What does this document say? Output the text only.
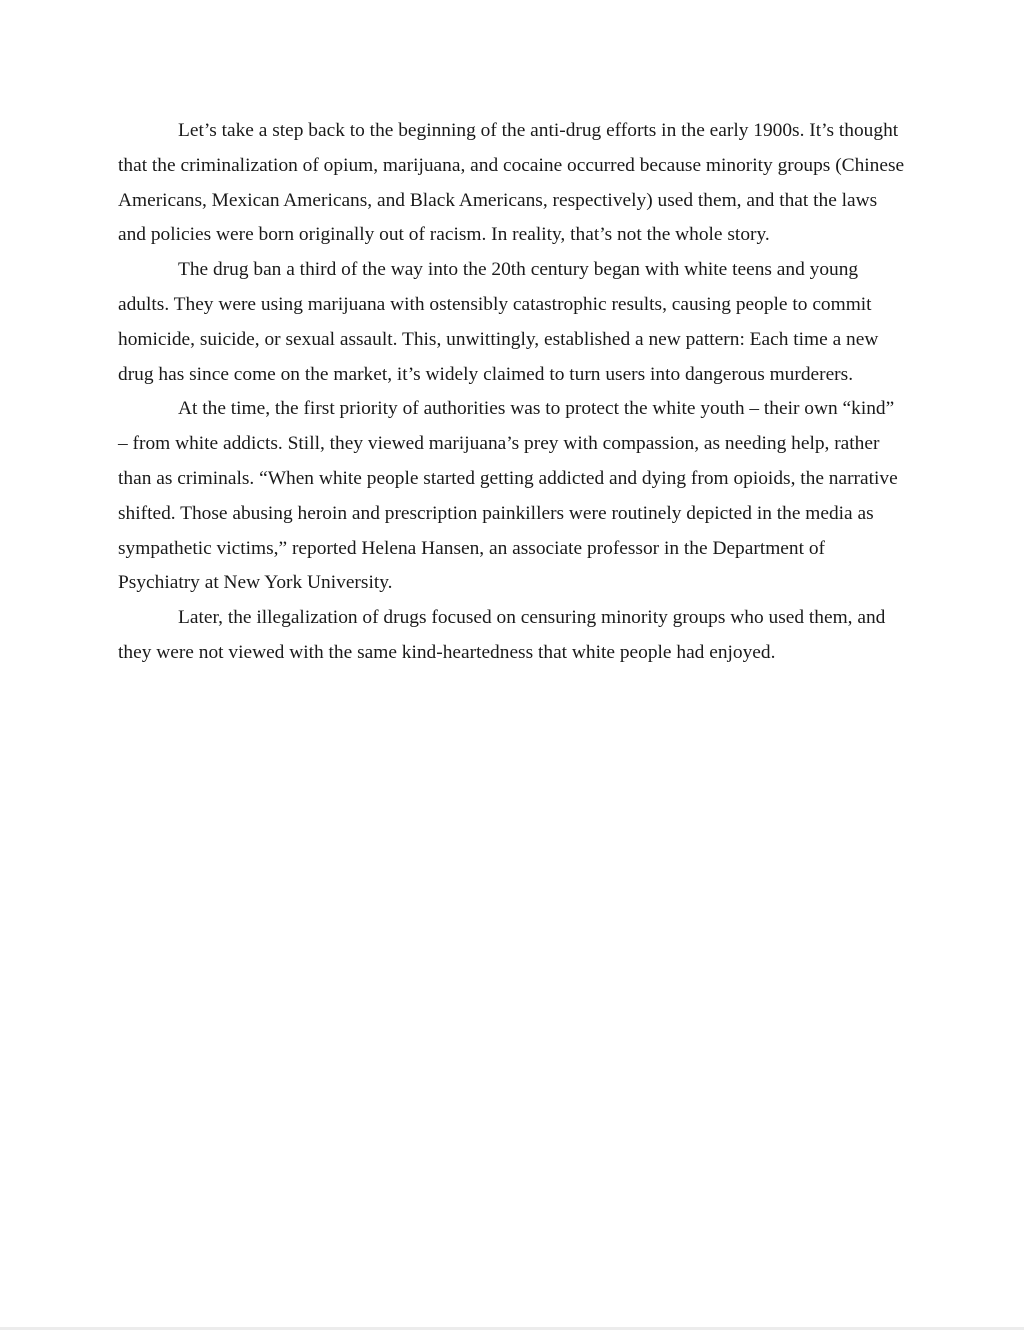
Let’s take a step back to the beginning of the anti-drug efforts in the early 1900s. It’s thought that the criminalization of opium, marijuana, and cocaine occurred because minority groups (Chinese Americans, Mexican Americans, and Black Americans, respectively) used them, and that the laws and policies were born originally out of racism. In reality, that’s not the whole story.

The drug ban a third of the way into the 20th century began with white teens and young adults. They were using marijuana with ostensibly catastrophic results, causing people to commit homicide, suicide, or sexual assault. This, unwittingly, established a new pattern: Each time a new drug has since come on the market, it’s widely claimed to turn users into dangerous murderers.

At the time, the first priority of authorities was to protect the white youth – their own “kind” – from white addicts. Still, they viewed marijuana’s prey with compassion, as needing help, rather than as criminals. “When white people started getting addicted and dying from opioids, the narrative shifted. Those abusing heroin and prescription painkillers were routinely depicted in the media as sympathetic victims,” reported Helena Hansen, an associate professor in the Department of Psychiatry at New York University.

Later, the illegalization of drugs focused on censuring minority groups who used them, and they were not viewed with the same kind-heartedness that white people had enjoyed.
